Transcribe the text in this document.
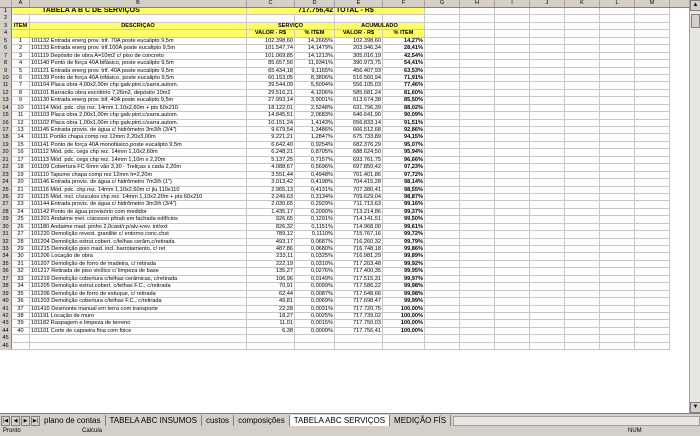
A	B	C	D	E	F	G	H	I	J	K	L	M
1	TABELA A B C DE SERVIÇOS	717.756,42 TOTAL - R$
2
3	ITEM	DESCRIÇÃO	SERVIÇO	ACUMULADO
4	VALOR - R$	% ITEM	VALOR - R$	% ITEM
5	1	101132 Entrada energ prov. trif. 70A poste eucalipto 9,5m	102.398,60	14,2665%	102.398,60	14,27%
6	2	101133 Entrada energ prov. trif.100A poste eucalipto 9,5m	101.547,74	14,1479%	203.946,34	28,41%
7	3	101119 Depósito de obra A=10m2 c/ piso de concreto	101.069,85	14,1213%	305.016,19	42,54%
8	4	101140 Ponto de força 40A bifásico, poste eucalipto 9,5m	85.657,56	11,9341%	390.973,75	54,41%
9	5	101121 Entrada energ prov. trif. 40A poste eucalipto 9,5m	65.434,18	9,1165%	456.407,93	63,53%
10	6	101139 Ponto de força 40A trifásico, poste eucalipto 9,5m	60.153,05	8,3806%	516.560,94	71,91%
11	7	101104 Placa obra 4,00x2,00m chp galv.pint.c/sarra.autom.	39.544,09	5,5094%	556.105,03	77,46%
12	8	101101 Barracão obra escritório 7,26m2, depósito 10m2	29.516,21	4,1206%	585.681,24	81,60%
13	9	101130 Entrada energ prov. bif. 40A poste eucalipto 9,5m	27.993,14	3,9001%	613.674,38	85,50%
14	10	101114 Mód. pdc. chp rez. 14mm 1,10x2,60m + pts 60x210	18.122,01	2,5248%	631.796,39	88,02%
15	11	101103 Placa obra 2,00x1,00m chp galv.pint.c/sarra.autom.	14.845,51	2,0683%	646.641,90	90,09%
16	12	101102 Placa obra 1,00x1,00m chp galv.pint.c/sarra.autom.	10.151,24	1,4143%	656.833,14	91,51%
17	13	101145 Entrada provis. de água c/ hidrômetro 3m3/h (3/4")	9.679,54	1,3486%	666.512,68	92,86%
18	14	101111 Portão chapa comp rez 12mm 2,20x3,00m	9.221,21	1,2847%	675.733,89	94,15%
19	15	101141 Ponto de força 40A monofásico,poste eucalipto 9,5m	6.642,40	0,9254%	682.376,29	95,07%
20	16	101112 Mód. pdc. cegs chp rez. 14mm 1,10x2,60m	6.248,21	0,8705%	688.624,50	95,94%
21	17	101113 Mód. pdc. cegs chp rez. 14mm 1,10m x 2,20m	5.137,25	0,7157%	693.761,75	96,66%
22	18	101109 Cobertura FC 6mm vão 3,30 - Treliças s cada 2,20m	4.088,67	0,5696%	697.850,42	97,23%
23	19	101110 Tapume chapa comp rez 12mm h=2,20m	3.551,44	0,4948%	701.401,86	97,72%
24	20	101146 Entrada provis. de água c/ hidrômetro 7m3/h (1")	3.013,42	0,4198%	704.415,28	98,14%
25	21	101116 Mód. pdc. chp rez. 14mm 1,10x2,60m c/ jlu 110x110	2.965,13	0,4131%	707.380,41	98,55%
26	22	101115 Mód. incl. c/suculos chp rez. 14mm 1,10x2,20m + pts 60x210	2.249,63	0,3134%	709.629,04	98,87%
27	23	101144 Entrada provis. de água c/ hidrômetro 3m3/h (3/4")	2.030,65	0,2929%	711.713,63	99,16%
28	24	101142 Ponto de água provisório com medidor	1.435,17	0,2000%	713.214,86	99,37%
29	25	101201 Andaime met. c/acesso p/trab em fachada edifícios	926,65	0,1291%	714.141,51	99,50%
30	26	101180 Andaime mad. pinho 2,0cast/r.p/alv.+rev. int/ext	826,32	0,1151%	714.968,00	99,61%
31	27	101220 Demolição revest. granilite c/ entorno conc.chst	789,12	0,1110%	715.767,16	99,72%
32	28	101204 Demolição estrut.cobert. c/telhas cerâm,c/retirada	493,17	0,0687%	716.260,32	99,79%
33	29	101215 Demolição piso mad. incl. barrotamento, c/ ret	487,86	0,0680%	716.748,18	99,86%
34	30	101206 Locação de obra	233,11	0,0325%	716.981,29	99,89%
35	31	101207 Demolição de forro de madeira, c/ retirada	222,19	0,0310%	717.203,48	99,92%
36	32	101217 Retirada de piso vinílico c/ limpeza de base	135,27	0,0276%	717.400,35	99,95%
37	33	101219 Demolição cobertura c/telhas cerâmicas, c/retirada	106,96	0,0149%	717.515,31	99,97%
38	34	101205 Demolição estrut.cobert. c/telhas F.C., c/retirada	70,91	0,0099%	717.586,22	99,98%
39	35	101206 Demolição de forro de estuque, c/ retirada	62,44	0,0087%	717.648,66	99,98%
40	36	101203 Demolição cobertura c/telhas F.C., c/retirada	49,81	0,0069%	717.698,47	99,99%
41	37	101410 Desmonte manual em terra com transporte	22,28	0,0031%	717.720,75	100,00%
42	38	101191 Locação de muro	18,27	0,0025%	717.739,02	100,00%
43	39	101182 Raspagem e limpeza de terreno	11,01	0,0015%	717.750,03	100,00%
44	40	101101 Corte de capoeira fina com foice	6,38	0,0009%	717.756,41	100,00%
45
46
▲
▼
|◀	◀	▶	▶| plano de contas	TABELA ABC INSUMOS	custos	composições	TABELA ABC SERVIÇOS	MEDIÇÃO FÍS
Pronto	Calcula	NUM
